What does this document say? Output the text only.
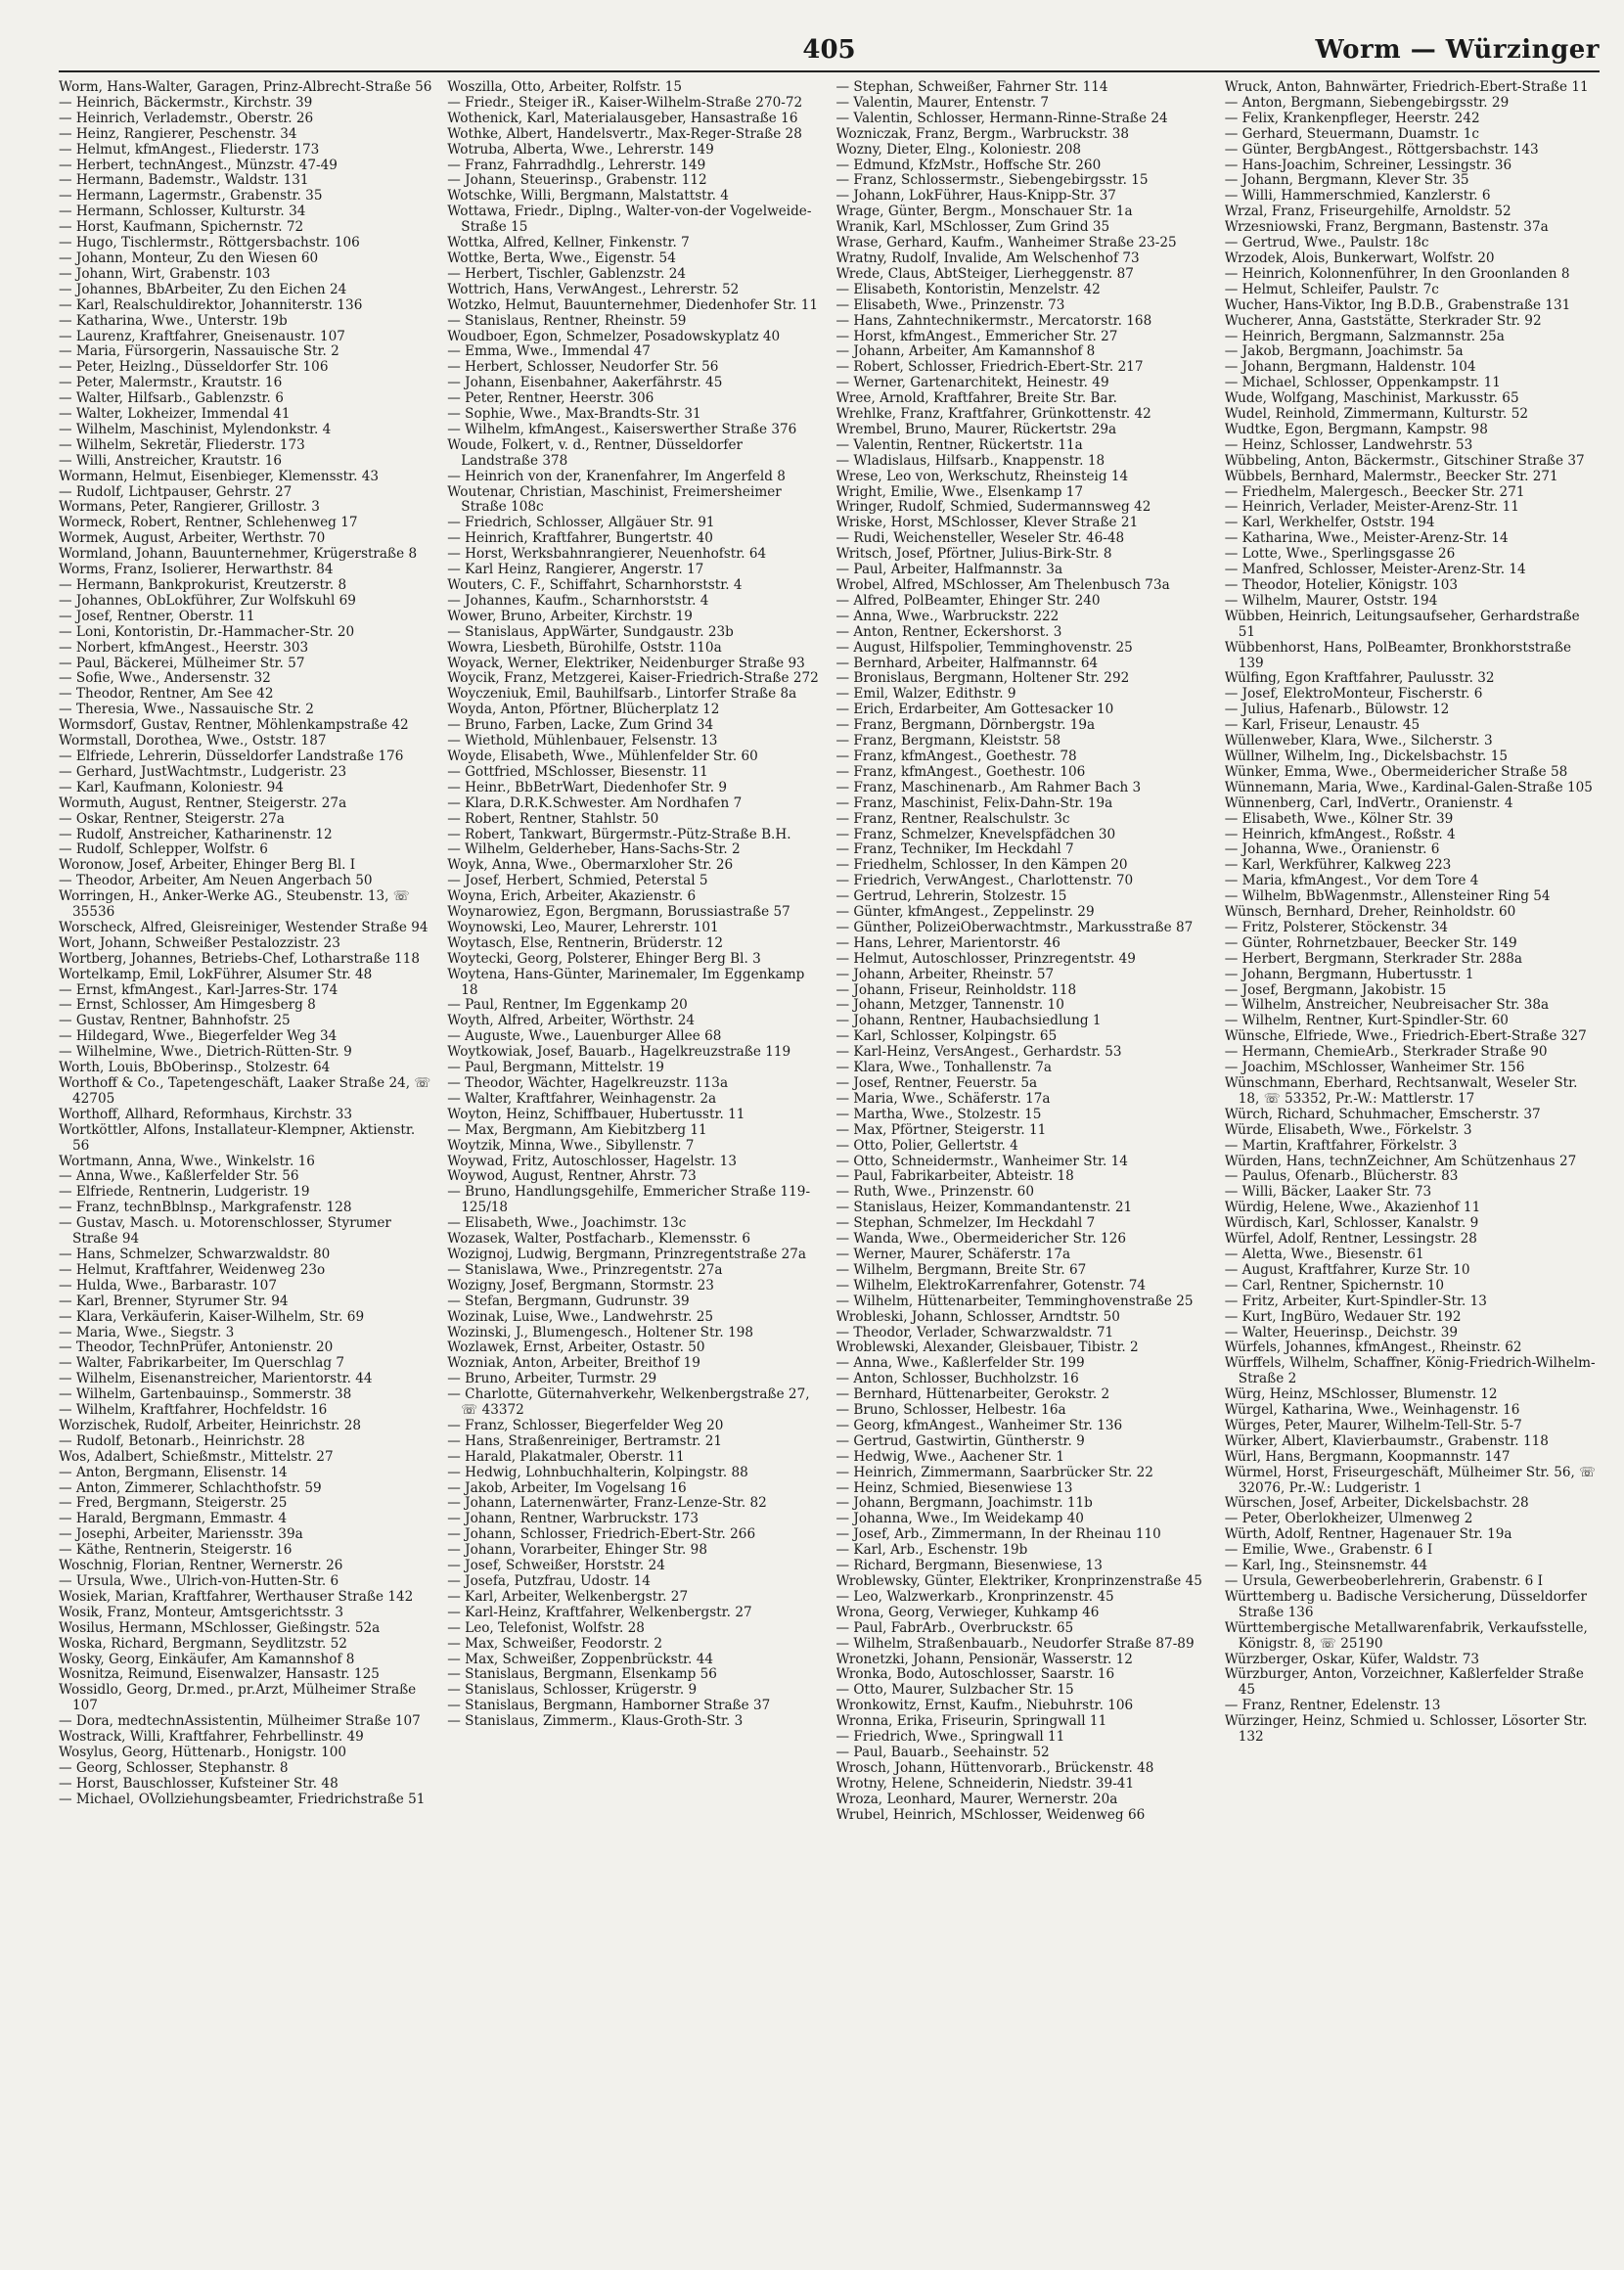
405	Worm — Würzinger
Worm, Hans-Walter, Garagen, Prinz-Albrecht-Straße 56
— Heinrich, Bäckermstr., Kirchstr. 39
— Heinrich, Verlademstr., Oberstr. 26
— Heinz, Rangierer, Peschenstr. 34
— Helmut, kfmAngest., Fliederstr. 173
— Herbert, technAngest., Münzstr. 47-49
— Hermann, Bademstr., Waldstr. 131
— Hermann, Lagermstr., Grabenstr. 35
— Hermann, Schlosser, Kulturstr. 34
— Horst, Kaufmann, Spichernstr. 72
— Hugo, Tischlermstr., Röttgersbachstr. 106
— Johann, Monteur, Zu den Wiesen 60
— Johann, Wirt, Grabenstr. 103
— Johannes, BbArbeiter, Zu den Eichen 24
— Karl, Realschuldirektor, Johanniterstr. 136
— Katharina, Wwe., Unterstr. 19b
— Laurenz, Kraftfahrer, Gneisenaustr. 107
— Maria, Fürsorgerin, Nassauische Str. 2
— Peter, Heizlng., Düsseldorfer Str. 106
— Peter, Malermstr., Krautstr. 16
— Walter, Hilfsarb., Gablenzstr. 6
— Walter, Lokheizer, Immendal 41
— Wilhelm, Maschinist, Mylendonkstr. 4
— Wilhelm, Sekretär, Fliederstr. 173
— Willi, Anstreicher, Krautstr. 16
Wormann, Helmut, Eisenbieger, Klemensstr. 43
— Rudolf, Lichtpauser, Gehrstr. 27
Wormans, Peter, Rangierer, Grillostr. 3
Wormeck, Robert, Rentner, Schlehenweg 17
Wormek, August, Arbeiter, Werthstr. 70
Wormland, Johann, Bauunternehmer, Krügerstraße 8
Worms, Franz, Isolierer, Herwarthstr. 84
— Hermann, Bankprokurist, Kreutzerstr. 8
— Johannes, ObLokführer, Zur Wolfskuhl 69
— Josef, Rentner, Oberstr. 11
— Loni, Kontoristin, Dr.-Hammacher-Str. 20
— Norbert, kfmAngest., Heerstr. 303
— Paul, Bäckerei, Mülheimer Str. 57
— Sofie, Wwe., Andersenstr. 32
— Theodor, Rentner, Am See 42
— Theresia, Wwe., Nassauische Str. 2
Wormsdorf, Gustav, Rentner, Möhlenkampstraße 42
Wormstall, Dorothea, Wwe., Oststr. 187
— Elfriede, Lehrerin, Düsseldorfer Landstraße 176
— Gerhard, JustWachtmstr., Ludgeristr. 23
— Karl, Kaufmann, Koloniestr. 94
Wormuth, August, Rentner, Steigerstr. 27a
— Oskar, Rentner, Steigerstr. 27a
— Rudolf, Anstreicher, Katharinenstr. 12
— Rudolf, Schlepper, Wolfstr. 6
Woronow, Josef, Arbeiter, Ehinger Berg Bl. I
— Theodor, Arbeiter, Am Neuen Angerbach 50
Worringen, H., Anker-Werke AG., Steubenstr. 13, ☏ 35536
Worscheck, Alfred, Gleisreiniger, Westender Straße 94
Wort, Johann, Schweißer Pestalozzistr. 23
Wortberg, Johannes, Betriebs-Chef, Lotharstraße 118
Wortelkamp, Emil, LokFührer, Alsumer Str. 48
— Ernst, kfmAngest., Karl-Jarres-Str. 174
— Ernst, Schlosser, Am Himgesberg 8
— Gustav, Rentner, Bahnhofstr. 25
— Hildegard, Wwe., Biegerfelder Weg 34
— Wilhelmine, Wwe., Dietrich-Rütten-Str. 9
Worth, Louis, BbOberinsp., Stolzestr. 64
Worthoff & Co., Tapetengeschäft, Laaker Straße 24, ☏ 42705
Worthoff, Allhard, Reformhaus, Kirchstr. 33
Wortköttler, Alfons, Installateur-Klempner, Aktienstr. 56
Wortmann, Anna, Wwe., Winkelstr. 16
— Anna, Wwe., Kaßlerfelder Str. 56
— Elfriede, Rentnerin, Ludgeristr. 19
— Franz, technBblnsp., Markgrafenstr. 128
— Gustav, Masch. u. Motorenschlosser, Styrumer Straße 94
— Hans, Schmelzer, Schwarzwaldstr. 80
— Helmut, Kraftfahrer, Weidenweg 23o
— Hulda, Wwe., Barbarastr. 107
— Karl, Brenner, Styrumer Str. 94
— Klara, Verkäuferin, Kaiser-Wilhelm, Str. 69
— Maria, Wwe., Siegstr. 3
— Theodor, TechnPrüfer, Antonienstr. 20
— Walter, Fabrikarbeiter, Im Querschlag 7
— Wilhelm, Eisenanstreicher, Marientorstr. 44
— Wilhelm, Gartenbauinsp., Sommerstr. 38
— Wilhelm, Kraftfahrer, Hochfeldstr. 16
Worzischek, Rudolf, Arbeiter, Heinrichstr. 28
— Rudolf, Betonarb., Heinrichstr. 28
Wos, Adalbert, Schießmstr., Mittelstr. 27
— Anton, Bergmann, Elisenstr. 14
— Anton, Zimmerer, Schlachthofstr. 59
— Fred, Bergmann, Steigerstr. 25
— Harald, Bergmann, Emmastr. 4
— Josephi, Arbeiter, Mariensstr. 39a
— Käthe, Rentnerin, Steigerstr. 16
Woschnig, Florian, Rentner, Wernerstr. 26
— Ursula, Wwe., Ulrich-von-Hutten-Str. 6
Wosiek, Marian, Kraftfahrer, Werthauser Straße 142
Wosik, Franz, Monteur, Amtsgerichtsstr. 3
Wosilus, Hermann, MSchlosser, Gießingstr. 52a
Woska, Richard, Bergmann, Seydlitzstr. 52
Wosky, Georg, Einkäufer, Am Kamannshof 8
Wosnitza, Reimund, Eisenwalzer, Hansastr. 125
Wossidlo, Georg, Dr.med., pr.Arzt, Mülheimer Straße 107
— Dora, medtechnAssistentin, Mülheimer Straße 107
Wostrack, Willi, Kraftfahrer, Fehrbellinstr. 49
Wosylus, Georg, Hüttenarb., Honigstr. 100
— Georg, Schlosser, Stephanstr. 8
— Horst, Bauschlosser, Kufsteiner Str. 48
— Michael, OVollziehungsbeamter, Friedrichstraße 51
Woszilla, Otto, Arbeiter, Rolfstr. 15
— Friedr., Steiger iR., Kaiser-Wilhelm-Straße 270-72
Wothenick, Karl, Materialausgeber, Hansastraße 16
Wothke, Albert, Handelsvertr., Max-Reger-Straße 28
Wotruba, Alberta, Wwe., Lehrerstr. 149
— Franz, Fahrradhdlg., Lehrerstr. 149
— Johann, Steuerinsp., Grabenstr. 112
Wotschke, Willi, Bergmann, Malstattstr. 4
Wottawa, Friedr., Diplng., Walter-von-der Vogelweide-Straße 15
Wottka, Alfred, Kellner, Finkenstr. 7
Wottke, Berta, Wwe., Eigenstr. 54
— Herbert, Tischler, Gablenzstr. 24
Wottrich, Hans, VerwAngest., Lehrerstr. 52
Wotzko, Helmut, Bauunternehmer, Diedenhofer Str. 11
— Stanislaus, Rentner, Rheinstr. 59
Woudboer, Egon, Schmelzer, Posadowskyplatz 40
— Emma, Wwe., Immendal 47
— Herbert, Schlosser, Neudorfer Str. 56
— Johann, Eisenbahner, Aakerfährstr. 45
— Peter, Rentner, Heerstr. 306
— Sophie, Wwe., Max-Brandts-Str. 31
— Wilhelm, kfmAngest., Kaiserswerther Straße 376
Woude, Folkert, v. d., Rentner, Düsseldorfer Landstraße 378
— Heinrich von der, Kranenfahrer, Im Angerfeld 8
Woutenar, Christian, Maschinist, Freimersheimer Straße 108c
— Friedrich, Schlosser, Allgäuer Str. 91
— Heinrich, Kraftfahrer, Bungertstr. 40
— Horst, Werksbahnrangierer, Neuenhofstr. 64
— Karl Heinz, Rangierer, Angerstr. 17
Wouters, C. F., Schiffahrt, Scharnhorststr. 4
— Johannes, Kaufm., Scharnhorststr. 4
Wower, Bruno, Arbeiter, Kirchstr. 19
— Stanislaus, AppWärter, Sundgaustr. 23b
Wowra, Liesbeth, Bürohilfe, Oststr. 110a
Woyack, Werner, Elektriker, Neidenburger Straße 93
Woycik, Franz, Metzgerei, Kaiser-Friedrich-Straße 272
Woyczeniuk, Emil, Bauhilfsarb., Lintorfer Straße 8a
Woyda, Anton, Pförtner, Blücherplatz 12
— Bruno, Farben, Lacke, Zum Grind 34
— Wiethold, Mühlenbauer, Felsenstr. 13
Woyde, Elisabeth, Wwe., Mühlenfelder Str. 60
— Gottfried, MSchlosser, Biesenstr. 11
— Heinr., BbBetrWart, Diedenhofer Str. 9
— Klara, D.R.K.Schwester. Am Nordhafen 7
— Robert, Rentner, Stahlstr. 50
— Robert, Tankwart, Bürgermstr.-Pütz-Straße B.H.
— Wilhelm, Gelderheber, Hans-Sachs-Str. 2
Woyk, Anna, Wwe., Obermarxloher Str. 26
— Josef, Herbert, Schmied, Peterstal 5
Woyna, Erich, Arbeiter, Akazienstr. 6
Woynarowiez, Egon, Bergmann, Borussiastraße 57
Woynowski, Leo, Maurer, Lehrerstr. 101
Woytasch, Else, Rentnerin, Brüderstr. 12
Woytecki, Georg, Polsterer, Ehinger Berg Bl. 3
Woytena, Hans-Günter, Marinemaler, Im Eggenkamp 18
— Paul, Rentner, Im Eggenkamp 20
Woyth, Alfred, Arbeiter, Wörthstr. 24
— Auguste, Wwe., Lauenburger Allee 68
Woytkowiak, Josef, Bauarb., Hagelkreuzstraße 119
— Paul, Bergmann, Mittelstr. 19
— Theodor, Wächter, Hagelkreuzstr. 113a
— Walter, Kraftfahrer, Weinhagenstr. 2a
Woyton, Heinz, Schiffbauer, Hubertusstr. 11
— Max, Bergmann, Am Kiebitzberg 11
Woytzik, Minna, Wwe., Sibyllenstr. 7
Woywad, Fritz, Autoschlosser, Hagelstr. 13
Woywod, August, Rentner, Ahrstr. 73
— Bruno, Handlungsgehilfe, Emmericher Straße 119-125/18
— Elisabeth, Wwe., Joachimstr. 13c
Wozasek, Walter, Postfacharb., Klemensstr. 6
Wozignoj, Ludwig, Bergmann, Prinzregentstraße 27a
— Stanislawa, Wwe., Prinzregentstr. 27a
Wozigny, Josef, Bergmann, Stormstr. 23
— Stefan, Bergmann, Gudrunstr. 39
Wozinak, Luise, Wwe., Landwehrstr. 25
Wozinski, J., Blumengesch., Holtener Str. 198
Wozlawek, Ernst, Arbeiter, Ostastr. 50
Wozniak, Anton, Arbeiter, Breithof 19
— Bruno, Arbeiter, Turmstr. 29
— Charlotte, Güternahverkehr, Welkenbergstraße 27, ☏ 43372
— Franz, Schlosser, Biegerfelder Weg 20
— Hans, Straßenreiniger, Bertramstr. 21
— Harald, Plakatmaler, Oberstr. 11
— Hedwig, Lohnbuchhalterin, Kolpingstr. 88
— Jakob, Arbeiter, Im Vogelsang 16
— Johann, Laternenwärter, Franz-Lenze-Str. 82
— Johann, Rentner, Warbruckstr. 173
— Johann, Schlosser, Friedrich-Ebert-Str. 266
— Johann, Vorarbeiter, Ehinger Str. 98
— Josef, Schweißer, Horststr. 24
— Josefa, Putzfrau, Udostr. 14
— Karl, Arbeiter, Welkenbergstr. 27
— Karl-Heinz, Kraftfahrer, Welkenbergstr. 27
— Leo, Telefonist, Wolfstr. 28
— Max, Schweißer, Feodorstr. 2
— Max, Schweißer, Zoppenbrückstr. 44
— Stanislaus, Bergmann, Elsenkamp 56
— Stanislaus, Schlosser, Krügerstr. 9
— Stanislaus, Bergmann, Hamborner Straße 37
— Stanislaus, Zimmerm., Klaus-Groth-Str. 3
— Stephan, Schweißer, Fahrner Str. 114
— Valentin, Maurer, Entenstr. 7
— Valentin, Schlosser, Hermann-Rinne-Straße 24
Wozniczak, Franz, Bergm., Warbruckstr. 38
Wozny, Dieter, Elng., Koloniestr. 208
— Edmund, KfzMstr., Hoffsche Str. 260
— Franz, Schlossermstr., Siebengebirgsstr. 15
— Johann, LokFührer, Haus-Knipp-Str. 37
Wrage, Günter, Bergm., Monschauer Str. 1a
Wranik, Karl, MSchlosser, Zum Grind 35
Wrase, Gerhard, Kaufm., Wanheimer Straße 23-25
Wratny, Rudolf, Invalide, Am Welschenhof 73
Wrede, Claus, AbtSteiger, Lierheggenstr. 87
— Elisabeth, Kontoristin, Menzelstr. 42
— Elisabeth, Wwe., Prinzenstr. 73
— Hans, Zahntechnikermstr., Mercatorstr. 168
— Horst, kfmAngest., Emmericher Str. 27
— Johann, Arbeiter, Am Kamannshof 8
— Robert, Schlosser, Friedrich-Ebert-Str. 217
— Werner, Gartenarchitekt, Heinestr. 49
Wree, Arnold, Kraftfahrer, Breite Str. Bar.
Wrehlke, Franz, Kraftfahrer, Grünkottenstr. 42
Wrembel, Bruno, Maurer, Rückertstr. 29a
— Valentin, Rentner, Rückertstr. 11a
— Wladislaus, Hilfsarb., Knappenstr. 18
Wrese, Leo von, Werkschutz, Rheinsteig 14
Wright, Emilie, Wwe., Elsenkamp 17
Wringer, Rudolf, Schmied, Sudermannsweg 42
Wriske, Horst, MSchlosser, Klever Straße 21
— Rudi, Weichensteller, Weseler Str. 46-48
Writsch, Josef, Pförtner, Julius-Birk-Str. 8
— Paul, Arbeiter, Halfmannstr. 3a
Wrobel, Alfred, MSchlosser, Am Thelenbusch 73a
— Alfred, PolBeamter, Ehinger Str. 240
— Anna, Wwe., Warbruckstr. 222
— Anton, Rentner, Eckershorst. 3
— August, Hilfspolier, Temminghovenstr. 25
— Bernhard, Arbeiter, Halfmannstr. 64
— Bronislaus, Bergmann, Holtener Str. 292
— Emil, Walzer, Edithstr. 9
— Erich, Erdarbeiter, Am Gottesacker 10
— Franz, Bergmann, Dörnbergstr. 19a
— Franz, Bergmann, Kleiststr. 58
— Franz, kfmAngest., Goethestr. 78
— Franz, kfmAngest., Goethestr. 106
— Franz, Maschinenarb., Am Rahmer Bach 3
— Franz, Maschinist, Felix-Dahn-Str. 19a
— Franz, Rentner, Realschulstr. 3c
— Franz, Schmelzer, Knevelspfädchen 30
— Franz, Techniker, Im Heckdahl 7
— Friedhelm, Schlosser, In den Kämpen 20
— Friedrich, VerwAngest., Charlottenstr. 70
— Gertrud, Lehrerin, Stolzestr. 15
— Günter, kfmAngest., Zeppelinstr. 29
— Günther, PolizeiOberwachtmstr., Markusstraße 87
— Hans, Lehrer, Marientorstr. 46
— Helmut, Autoschlosser, Prinzregentstr. 49
— Johann, Arbeiter, Rheinstr. 57
— Johann, Friseur, Reinholdstr. 118
— Johann, Metzger, Tannenstr. 10
— Johann, Rentner, Haubachsiedlung 1
— Karl, Schlosser, Kolpingstr. 65
— Karl-Heinz, VersAngest., Gerhardstr. 53
— Klara, Wwe., Tonhallenstr. 7a
— Josef, Rentner, Feuerstr. 5a
— Maria, Wwe., Schäferstr. 17a
— Martha, Wwe., Stolzestr. 15
— Max, Pförtner, Steigerstr. 11
— Otto, Polier, Gellertstr. 4
— Otto, Schneidermstr., Wanheimer Str. 14
— Paul, Fabrikarbeiter, Abteistr. 18
— Ruth, Wwe., Prinzenstr. 60
— Stanislaus, Heizer, Kommandantenstr. 21
— Stephan, Schmelzer, Im Heckdahl 7
— Wanda, Wwe., Obermeidericher Str. 126
— Werner, Maurer, Schäferstr. 17a
— Wilhelm, Bergmann, Breite Str. 67
— Wilhelm, ElektroKarrenfahrer, Gotenstr. 74
— Wilhelm, Hüttenarbeiter, Temminghovenstraße 25
Wrobleski, Johann, Schlosser, Arndtstr. 50
— Theodor, Verlader, Schwarzwaldstr. 71
Wroblewski, Alexander, Gleisbauer, Tibistr. 2
— Anna, Wwe., Kaßlerfelder Str. 199
— Anton, Schlosser, Buchholzstr. 16
— Bernhard, Hüttenarbeiter, Gerokstr. 2
— Bruno, Schlosser, Helbestr. 16a
— Georg, kfmAngest., Wanheimer Str. 136
— Gertrud, Gastwirtin, Güntherstr. 9
— Hedwig, Wwe., Aachener Str. 1
— Heinrich, Zimmermann, Saarbrücker Str. 22
— Heinz, Schmied, Biesenwiese 13
— Johann, Bergmann, Joachimstr. 11b
— Johanna, Wwe., Im Weidekamp 40
— Josef, Arb., Zimmermann, In der Rheinau 110
— Karl, Arb., Eschenstr. 19b
— Richard, Bergmann, Biesenwiese, 13
Wroblewsky, Günter, Elektriker, Kronprinzenstraße 45
— Leo, Walzwerkarb., Kronprinzenstr. 45
Wrona, Georg, Verwieger, Kuhkamp 46
— Paul, FabrArb., Overbruckstr. 65
— Wilhelm, Straßenbauarb., Neudorfer Straße 87-89
Wronetzki, Johann, Pensionär, Wasserstr. 12
Wronka, Bodo, Autoschlosser, Saarstr. 16
— Otto, Maurer, Sulzbacher Str. 15
Wronkowitz, Ernst, Kaufm., Niebuhrstr. 106
Wronna, Erika, Friseurin, Springwall 11
— Friedrich, Wwe., Springwall 11
— Paul, Bauarb., Seehainstr. 52
Wrosch, Johann, Hüttenvorarb., Brückenstr. 48
Wrotny, Helene, Schneiderin, Niedstr. 39-41
Wroza, Leonhard, Maurer, Wernerstr. 20a
Wrubel, Heinrich, MSchlosser, Weidenweg 66
Wruck, Anton, Bahnwärter, Friedrich-Ebert-Straße 11
— Anton, Bergmann, Siebengebirgsstr. 29
— Felix, Krankenpfleger, Heerstr. 242
— Gerhard, Steuermann, Duamstr. 1c
— Günter, BergbAngest., Röttgersbachstr. 143
— Hans-Joachim, Schreiner, Lessingstr. 36
— Johann, Bergmann, Klever Str. 35
— Willi, Hammerschmied, Kanzlerstr. 6
Wrzal, Franz, Friseurgehilfe, Arnoldstr. 52
Wrzesniowski, Franz, Bergmann, Bastenstr. 37a
— Gertrud, Wwe., Paulstr. 18c
Wrzodek, Alois, Bunkerwart, Wolfstr. 20
— Heinrich, Kolonnenführer, In den Groonlanden 8
— Helmut, Schleifer, Paulstr. 7c
Wucher, Hans-Viktor, Ing B.D.B., Grabenstraße 131
Wucherer, Anna, Gaststätte, Sterkrader Str. 92
— Heinrich, Bergmann, Salzmannstr. 25a
— Jakob, Bergmann, Joachimstr. 5a
— Johann, Bergmann, Haldenstr. 104
— Michael, Schlosser, Oppenkampstr. 11
Wude, Wolfgang, Maschinist, Markusstr. 65
Wudel, Reinhold, Zimmermann, Kulturstr. 52
Wudtke, Egon, Bergmann, Kampstr. 98
— Heinz, Schlosser, Landwehrstr. 53
Wübbeling, Anton, Bäckermstr., Gitschiner Straße 37
Wübbels, Bernhard, Malermstr., Beecker Str. 271
— Friedhelm, Malergesch., Beecker Str. 271
— Heinrich, Verlader, Meister-Arenz-Str. 11
— Karl, Werkhelfer, Oststr. 194
— Katharina, Wwe., Meister-Arenz-Str. 14
— Lotte, Wwe., Sperlingsgasse 26
— Manfred, Schlosser, Meister-Arenz-Str. 14
— Theodor, Hotelier, Königstr. 103
— Wilhelm, Maurer, Oststr. 194
Wübben, Heinrich, Leitungsaufseher, Gerhardstraße 51
Wübbenhorst, Hans, PolBeamter, Bronkhorststraße 139
Wülfing, Egon Kraftfahrer, Paulusstr. 32
— Josef, ElektroMonteur, Fischerstr. 6
— Julius, Hafenarb., Bülowstr. 12
— Karl, Friseur, Lenaustr. 45
Wüllenweber, Klara, Wwe., Silcherstr. 3
Wüllner, Wilhelm, Ing., Dickelsbachstr. 15
Wünker, Emma, Wwe., Obermeidericher Straße 58
Wünnemann, Maria, Wwe., Kardinal-Galen-Straße 105
Wünnenberg, Carl, IndVertr., Oranienstr. 4
— Elisabeth, Wwe., Kölner Str. 39
— Heinrich, kfmAngest., Roßstr. 4
— Johanna, Wwe., Oranienstr. 6
— Karl, Werkführer, Kalkweg 223
— Maria, kfmAngest., Vor dem Tore 4
— Wilhelm, BbWagenmstr., Allensteiner Ring 54
Wünsch, Bernhard, Dreher, Reinholdstr. 60
— Fritz, Polsterer, Stöckenstr. 34
— Günter, Rohrnetzbauer, Beecker Str. 149
— Herbert, Bergmann, Sterkrader Str. 288a
— Johann, Bergmann, Hubertusstr. 1
— Josef, Bergmann, Jakobistr. 15
— Wilhelm, Anstreicher, Neubreisacher Str. 38a
— Wilhelm, Rentner, Kurt-Spindler-Str. 60
Wünsche, Elfriede, Wwe., Friedrich-Ebert-Straße 327
— Hermann, ChemieArb., Sterkrader Straße 90
— Joachim, MSchlosser, Wanheimer Str. 156
Wünschmann, Eberhard, Rechtsanwalt, Weseler Str. 18, ☏ 53352, Pr.-W.: Mattlerstr. 17
Würch, Richard, Schuhmacher, Emscherstr. 37
Würde, Elisabeth, Wwe., Förkelstr. 3
— Martin, Kraftfahrer, Förkelstr. 3
Würden, Hans, technZeichner, Am Schützenhaus 27
— Paulus, Ofenarb., Blücherstr. 83
— Willi, Bäcker, Laaker Str. 73
Würdig, Helene, Wwe., Akazienhof 11
Würdisch, Karl, Schlosser, Kanalstr. 9
Würfel, Adolf, Rentner, Lessingstr. 28
— Aletta, Wwe., Biesenstr. 61
— August, Kraftfahrer, Kurze Str. 10
— Carl, Rentner, Spichernstr. 10
— Fritz, Arbeiter, Kurt-Spindler-Str. 13
— Kurt, IngBüro, Wedauer Str. 192
— Walter, Heuerinsp., Deichstr. 39
Würfels, Johannes, kfmAngest., Rheinstr. 62
Würffels, Wilhelm, Schaffner, König-Friedrich-Wilhelm-Straße 2
Würg, Heinz, MSchlosser, Blumenstr. 12
Würgel, Katharina, Wwe., Weinhagenstr. 16
Würges, Peter, Maurer, Wilhelm-Tell-Str. 5-7
Würker, Albert, Klavierbaumstr., Grabenstr. 118
Würl, Hans, Bergmann, Koopmannstr. 147
Würmel, Horst, Friseurgeschäft, Mülheimer Str. 56, ☏ 32076, Pr.-W.: Ludgeristr. 1
Würschen, Josef, Arbeiter, Dickelsbachstr. 28
— Peter, Oberlokheizer, Ulmenweg 2
Würth, Adolf, Rentner, Hagenauer Str. 19a
— Emilie, Wwe., Grabenstr. 6 I
— Karl, Ing., Steinsnemstr. 44
— Ursula, Gewerbeoberlehrerin, Grabenstr. 6 I
Württemberg u. Badische Versicherung, Düsseldorfer Straße 136
Württembergische Metallwarenfabrik, Verkaufsstelle, Königstr. 8, ☏ 25190
Würzberger, Oskar, Küfer, Waldstr. 73
Würzburger, Anton, Vorzeichner, Kaßlerfelder Straße 45
— Franz, Rentner, Edelenstr. 13
Würzinger, Heinz, Schmied u. Schlosser, Lösorter Str. 132
